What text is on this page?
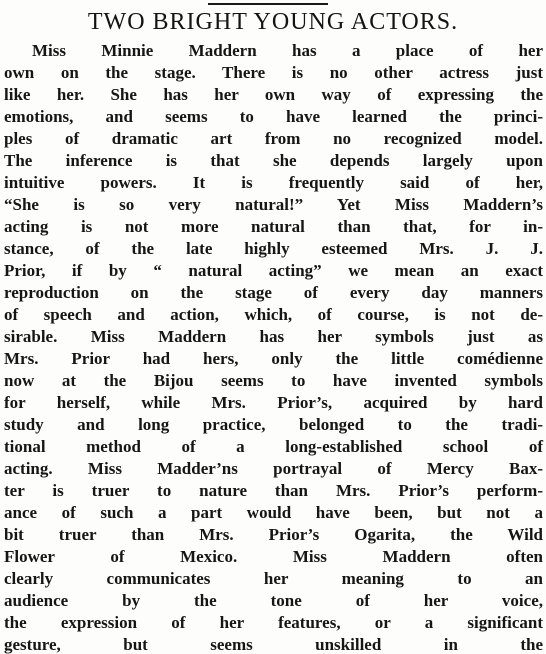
TWO BRIGHT YOUNG ACTORS.
Miss Minnie Maddern has a place of her
own on the stage. There is no other actress just
like her. She has her own way of expressing the
emotions, and seems to have learned the princi-
ples of dramatic art from no recognized model.
The inference is that she depends largely upon
intuitive powers. It is frequently said of her,
“She is so very natural!” Yet Miss Maddern’s
acting is not more natural than that, for in-
stance, of the late highly esteemed Mrs. J. J.
Prior, if by “ natural acting” we mean an exact
reproduction on the stage of every day manners
of speech and action, which, of course, is not de-
sirable. Miss Maddern has her symbols just as
Mrs. Prior had hers, only the little comédienne
now at the Bijou seems to have invented symbols
for herself, while Mrs. Prior’s, acquired by hard
study and long practice, belonged to the tradi-
tional method of a long-established school of
acting. Miss Madder’ns portrayal of Mercy Bax-
ter is truer to nature than Mrs. Prior’s perform-
ance of such a part would have been, but not a
bit truer than Mrs. Prior’s Ogarita, the Wild
Flower of Mexico. Miss Maddern often
clearly communicates her meaning to an
audience by the tone of her voice,
the expression of her features, or a significant
gesture, but seems unskilled in the
